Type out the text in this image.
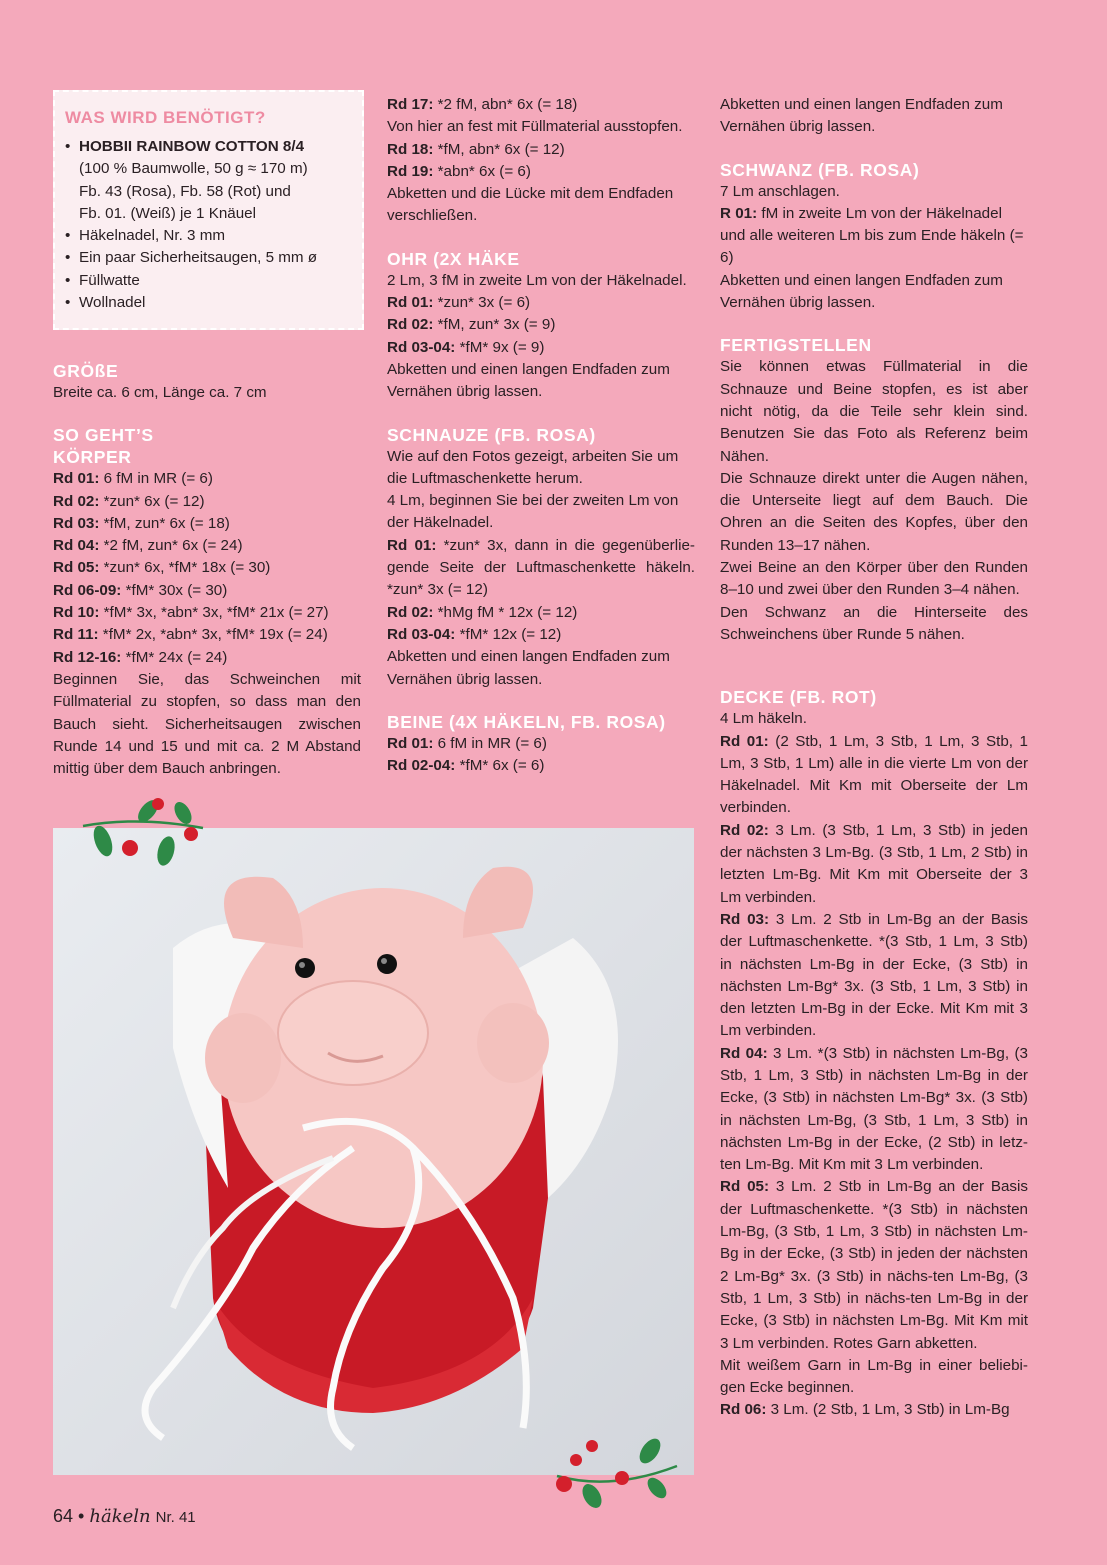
WAS WIRD BENÖTIGT?
• HOBBII RAINBOW COTTON 8/4
(100 % Baumwolle, 50 g ≈ 170 m)
Fb. 43 (Rosa), Fb. 58 (Rot) und
Fb. 01. (Weiß) je 1 Knäuel
• Häkelnadel, Nr. 3 mm
• Ein paar Sicherheitsaugen, 5 mm ø
• Füllwatte
• Wollnadel
GRÖßE
Breite ca. 6 cm, Länge ca. 7 cm
SO GEHT’S
KÖRPER
Rd 01: 6 fM in MR (= 6)
Rd 02: *zun* 6x (= 12)
Rd 03: *fM, zun* 6x (= 18)
Rd 04: *2 fM, zun* 6x (= 24)
Rd 05: *zun* 6x, *fM* 18x (= 30)
Rd 06-09: *fM* 30x (= 30)
Rd 10: *fM* 3x, *abn* 3x, *fM* 21x (= 27)
Rd 11: *fM* 2x, *abn* 3x, *fM* 19x (= 24)
Rd 12-16: *fM* 24x (= 24)
Beginnen Sie, das Schweinchen mit Füllmaterial zu stopfen, so dass man den Bauch sieht. Sicherheitsaugen zwischen Runde 14 und 15 und mit ca. 2 M Abstand mittig über dem Bauch anbringen.
Rd 17: *2 fM, abn* 6x (= 18)
Von hier an fest mit Füllmaterial ausstopfen.
Rd 18: *fM, abn* 6x (= 12)
Rd 19: *abn* 6x (= 6)
Abketten und die Lücke mit dem Endfaden verschließen.
OHR (2X HÄKE
2 Lm, 3 fM in zweite Lm von der Häkelnadel.
Rd 01: *zun* 3x (= 6)
Rd 02: *fM, zun* 3x (= 9)
Rd 03-04: *fM* 9x (= 9)
Abketten und einen langen Endfaden zum Vernähen übrig lassen.
SCHNAUZE (FB. ROSA)
Wie auf den Fotos gezeigt, arbeiten Sie um die Luftmaschenkette herum.
4 Lm, beginnen Sie bei der zweiten Lm von der Häkelnadel.
Rd 01: *zun* 3x, dann in die gegenüberlie-gende Seite der Luftmaschenkette häkeln. *zun* 3x (= 12)
Rd 02: *hMg fM * 12x (= 12)
Rd 03-04: *fM* 12x (= 12)
Abketten und einen langen Endfaden zum Vernähen übrig lassen.
BEINE (4X HÄKELN, FB. ROSA)
Rd 01: 6 fM in MR (= 6)
Rd 02-04: *fM* 6x (= 6)
Abketten und einen langen Endfaden zum Vernähen übrig lassen.
SCHWANZ (FB. ROSA)
7 Lm anschlagen.
R 01: fM in zweite Lm von der Häkelnadel und alle weiteren Lm bis zum Ende häkeln (= 6)
Abketten und einen langen Endfaden zum Vernähen übrig lassen.
FERTIGSTELLEN
Sie können etwas Füllmaterial in die Schnauze und Beine stopfen, es ist aber nicht nötig, da die Teile sehr klein sind. Benutzen Sie das Foto als Referenz beim Nähen.
Die Schnauze direkt unter die Augen nähen, die Unterseite liegt auf dem Bauch. Die Ohren an die Seiten des Kopfes, über den Runden 13–17 nähen.
Zwei Beine an den Körper über den Runden 8–10 und zwei über den Runden 3–4 nähen.
Den Schwanz an die Hinterseite des Schweinchens über Runde 5 nähen.
DECKE (FB. ROT)
4 Lm häkeln.
Rd 01: (2 Stb, 1 Lm, 3 Stb, 1 Lm, 3 Stb, 1 Lm, 3 Stb, 1 Lm) alle in die vierte Lm von der Häkelnadel. Mit Km mit Oberseite der Lm verbinden.
Rd 02: 3 Lm. (3 Stb, 1 Lm, 3 Stb) in jeden der nächsten 3 Lm-Bg. (3 Stb, 1 Lm, 2 Stb) in letzten Lm-Bg. Mit Km mit Oberseite der 3 Lm verbinden.
Rd 03: 3 Lm. 2 Stb in Lm-Bg an der Basis der Luftmaschenkette. *(3 Stb, 1 Lm, 3 Stb) in nächsten Lm-Bg in der Ecke, (3 Stb) in nächsten Lm-Bg* 3x. (3 Stb, 1 Lm, 3 Stb) in den letzten Lm-Bg in der Ecke. Mit Km mit 3 Lm verbinden.
Rd 04: 3 Lm. *(3 Stb) in nächsten Lm-Bg, (3 Stb, 1 Lm, 3 Stb) in nächsten Lm-Bg in der Ecke, (3 Stb) in nächsten Lm-Bg* 3x. (3 Stb) in nächsten Lm-Bg, (3 Stb, 1 Lm, 3 Stb) in nächsten Lm-Bg in der Ecke, (2 Stb) in letz-ten Lm-Bg. Mit Km mit 3 Lm verbinden.
Rd 05: 3 Lm. 2 Stb in Lm-Bg an der Basis der Luftmaschenkette. *(3 Stb) in nächsten Lm-Bg, (3 Stb, 1 Lm, 3 Stb) in nächsten Lm-Bg in der Ecke, (3 Stb) in jeden der nächsten 2 Lm-Bg* 3x. (3 Stb) in nächs-ten Lm-Bg, (3 Stb, 1 Lm, 3 Stb) in nächs-ten Lm-Bg in der Ecke, (3 Stb) in nächsten Lm-Bg. Mit Km mit 3 Lm verbinden. Rotes Garn abketten.
Mit weißem Garn in Lm-Bg in einer beliebi-gen Ecke beginnen.
Rd 06: 3 Lm. (2 Stb, 1 Lm, 3 Stb) in Lm-Bg
64 • häkeln Nr. 41
